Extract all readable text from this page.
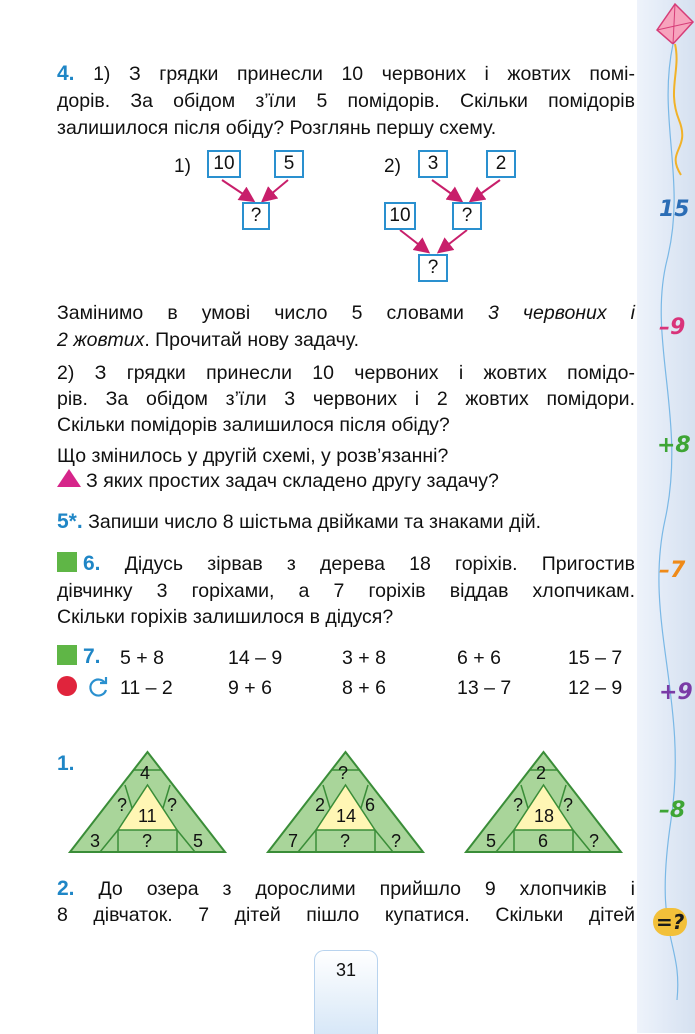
15
–9
+8
–7
+9
–8
=?
4. 1) З грядки принесли 10 червоних і жовтих помі-
дорів. За обідом з’їли 5 помідорів. Скільки помідорів
залишилося після обіду? Розглянь першу схему.
1)	10	5
?
2)	3	2
10	?
?
Замінимо в умові число 5 словами 3 червоних і
2 жовтих. Прочитай нову задачу.
2) З грядки принесли 10 червоних і жовтих помідо-
рів. За обідом з’їли 3 червоних і 2 жовтих помідори.
Скільки помідорів залишилося після обіду?
Що змінилось у другій схемі, у розв’язанні?
З яких простих задач складено другу задачу?
5*. Запиши число 8 шістьма двійками та знаками дій.
6. Дідусь зірвав з дерева 18 горіхів. Пригостив
дівчинку 3 горіхами, а 7 горіхів віддав хлопчикам.
Скільки горіхів залишилося в дідуся?
7. 5 + 8	14 – 9	3 + 8	6 + 6	15 – 7
11 – 2	9 + 6	8 + 6	13 – 7	12 – 9
1.	4
? ?
11
3 ? 5
?
2 6
14
7 ? ?
2
? ?
18
5 6 ?
2. До озера з дорослими прийшло 9 хлопчиків і
8 дівчаток. 7 дітей пішло купатися. Скільки дітей
31
